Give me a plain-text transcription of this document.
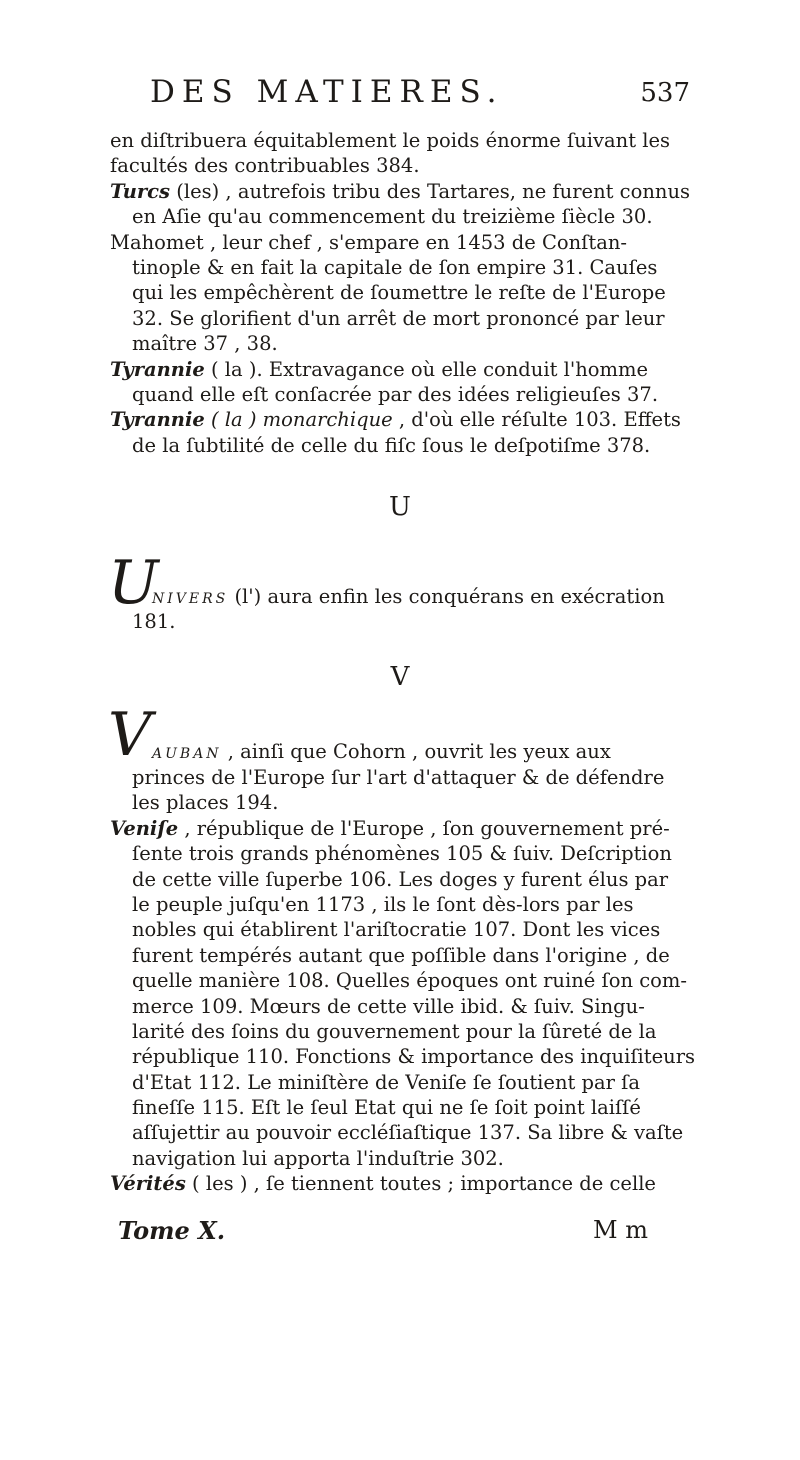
DES MATIERES.	537
en diſtribuera équitablement le poids énorme ſuivant les
facultés des contribuables 384.
Turcs (les) , autrefois tribu des Tartares, ne furent connus
en Aſie qu'au commencement du treizième ſiècle 30.
Mahomet , leur chef , s'empare en 1453 de Conſtan-
tinople & en fait la capitale de ſon empire 31. Cauſes
qui les empêchèrent de ſoumettre le reſte de l'Europe
32. Se glorifient d'un arrêt de mort prononcé par leur
maître 37 , 38.
Tyrannie ( la ). Extravagance où elle conduit l'homme
quand elle eſt conſacrée par des idées religieuſes 37.
Tyrannie ( la ) monarchique , d'où elle réſulte 103. Effets
de la ſubtilité de celle du fiſc ſous le deſpotiſme 378.
U
U
NIVERS (l') aura enfin les conquérans en exécration
181.
V
V AUBAN , ainſi que Cohorn , ouvrit les yeux aux
princes de l'Europe ſur l'art d'attaquer & de défendre
les places 194.
Veniſe , république de l'Europe , ſon gouvernement pré-
ſente trois grands phénomènes 105 & ſuiv. Deſcription
de cette ville ſuperbe 106. Les doges y furent élus par
le peuple juſqu'en 1173 , ils le ſont dès-lors par les
nobles qui établirent l'ariſtocratie 107. Dont les vices
furent tempérés autant que poſſible dans l'origine , de
quelle manière 108. Quelles époques ont ruiné ſon com-
merce 109. Mœurs de cette ville ibid. & ſuiv. Singu-
larité des ſoins du gouvernement pour la ſûreté de la
république 110. Fonctions & importance des inquiſiteurs
d'Etat 112. Le miniſtère de Veniſe ſe ſoutient par ſa
fineſſe 115. Eſt le ſeul Etat qui ne ſe ſoit point laiſſé
aſſujettir au pouvoir eccléſiaſtique 137. Sa libre & vaſte
navigation lui apporta l'induſtrie 302.
Vérités ( les ) , ſe tiennent toutes ; importance de celle
Tome X.	M m
